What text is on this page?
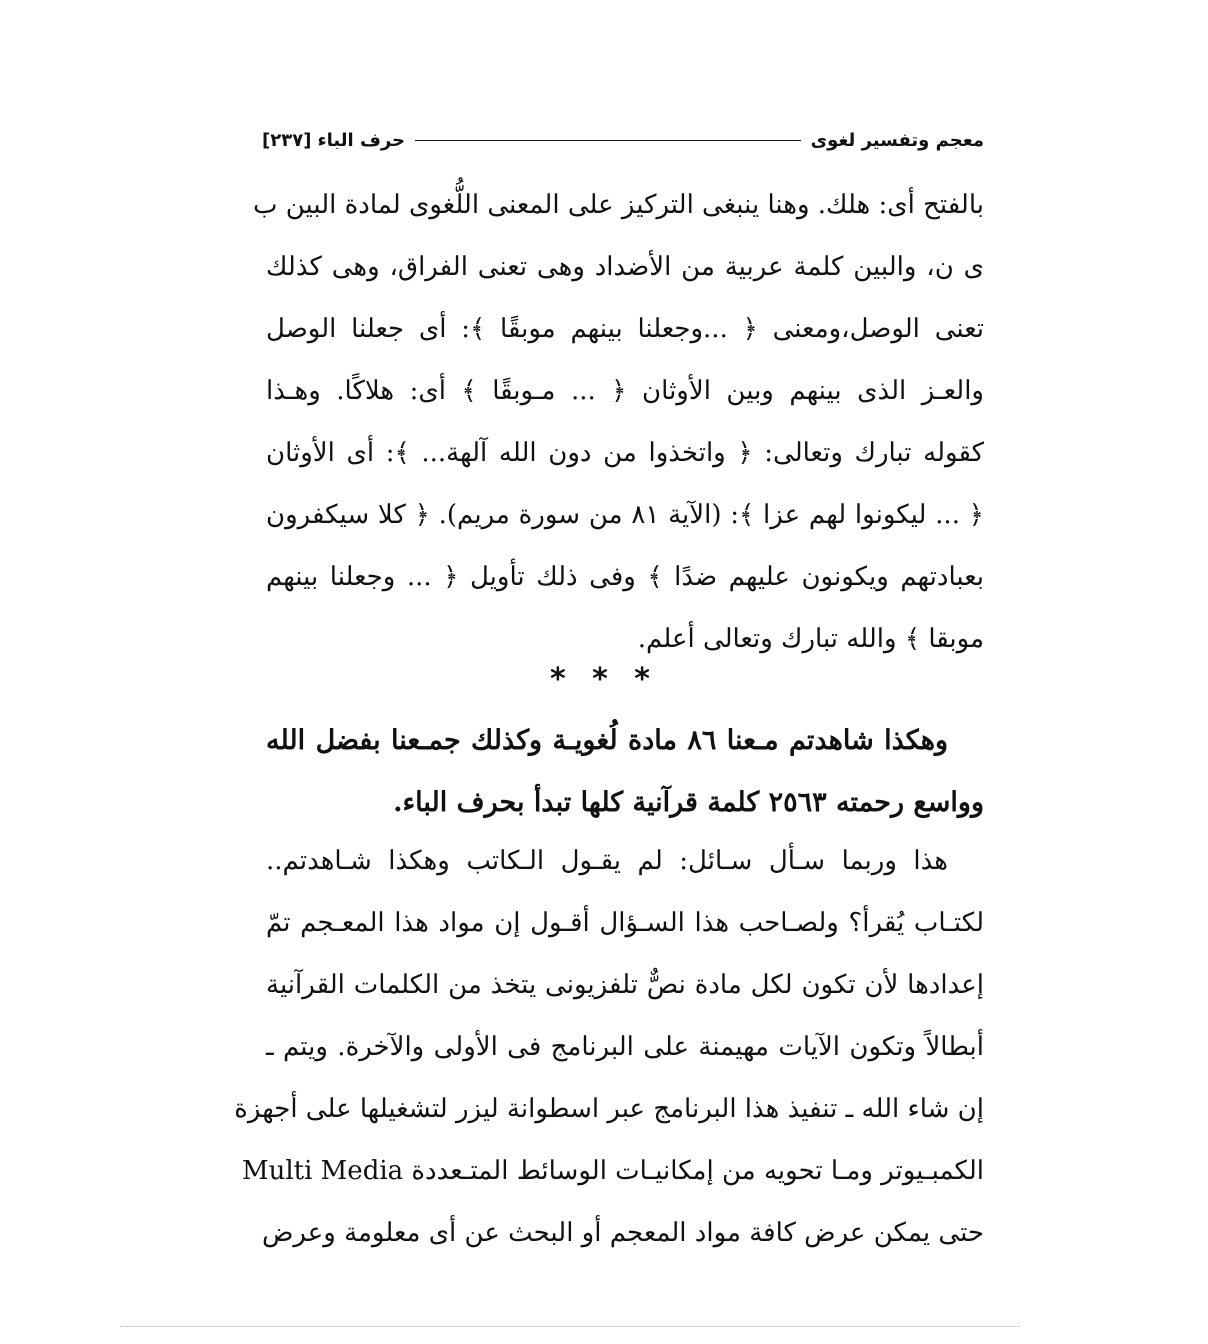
معجم وتفسير لغوى
حرف الباء
[٢٣٧]
بالفتح أى: هلك. وهنا ينبغى التركيز على المعنى اللُّغوى لمادة البين ب
ى ن، والبين كلمة عربية من الأضداد وهى تعنى الفراق، وهى كذلك
تعنى الوصل،ومعنى ﴿ ...وجعلنا بينهم موبقًا ﴾: أى جعلنا الوصل
والعـز الذى بينهم وبين الأوثان ﴿ ... مـوبقًا ﴾ أى: هلاكًا. وهـذا
كقوله تبارك وتعالى: ﴿ واتخذوا من دون الله آلهة... ﴾: أى الأوثان
﴿ ... ليكونوا لهم عزا ﴾: (الآية ٨١ من سورة مريم). ﴿ كلا سيكفرون
بعبادتهم ويكونون عليهم ضدًا ﴾ وفى ذلك تأويل ﴿ ... وجعلنا بينهم
موبقا ﴾ والله تبارك وتعالى أعلم.
* * *
وهكذا شاهدتم مـعنا ٨٦ مادة لُغويـة وكذلك جمـعنا بفضل الله
وواسع رحمته ٢٥٦٣ كلمة قرآنية كلها تبدأ بحرف الباء.
هذا وربما سـأل سـائل: لم يقـول الـكاتب وهكذا شـاهدتم..
لكتـاب يُقرأ؟ ولصـاحب هذا السـؤال أقـول إن مواد هذا المعـجم تمّ
إعدادها لأن تكون لكل مادة نصٌّ تلفزيونى يتخذ من الكلمات القرآنية
أبطالاً وتكون الآيات مهيمنة على البرنامج فى الأولى والآخرة. ويتم ـ
إن شاء الله ـ تنفيذ هذا البرنامج عبر اسطوانة ليزر لتشغيلها على أجهزة
الكمبـيوتر ومـا تحويه من إمكانيـات الوسائط المتـعددة Multi Media
حتى يمكن عرض كافة مواد المعجم أو البحث عن أى معلومة وعرض
